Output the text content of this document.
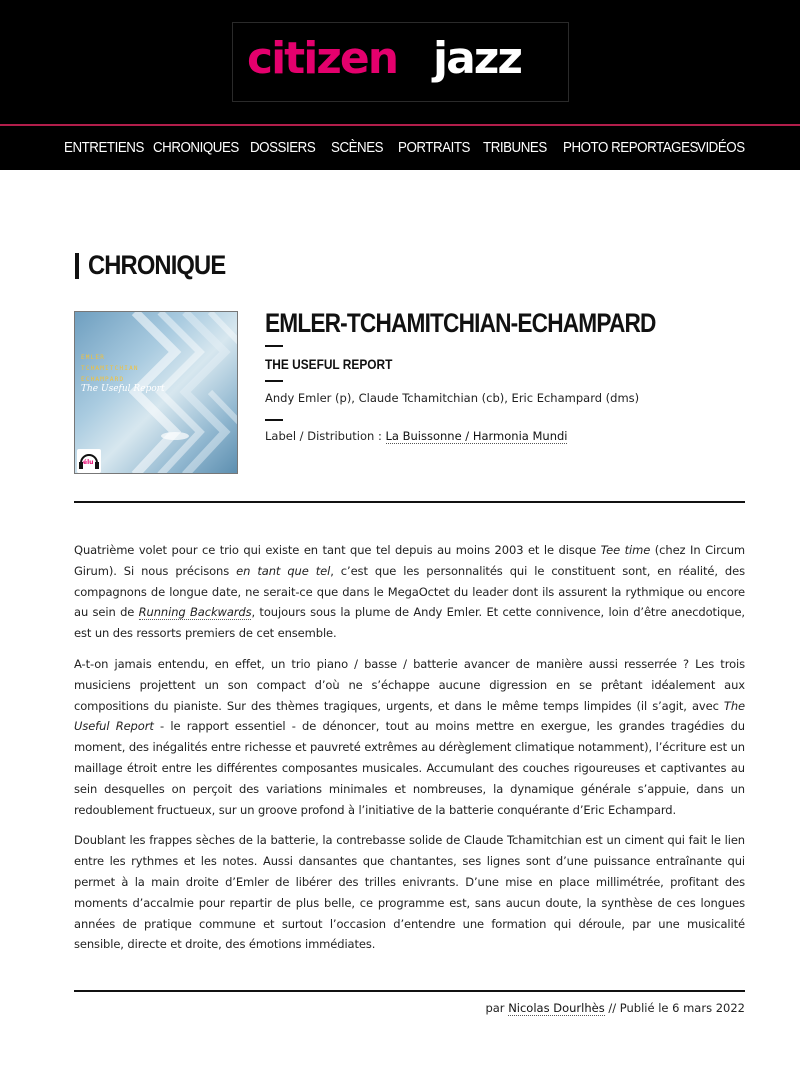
citizen jazz
ENTRETIENS CHRONIQUES DOSSIERS SCÈNES PORTRAITS TRIBUNES PHOTO REPORTAGES VIDÉOS
CHRONIQUE
EMLER
TCHAMITCHIAN
ECHAMPARD
The Useful Report
élu
EMLER-TCHAMITCHIAN-ECHAMPARD
THE USEFUL REPORT
Andy Emler (p), Claude Tchamitchian (cb), Eric Echampard (dms)
Label / Distribution : La Buissonne / Harmonia Mundi

Quatrième volet pour ce trio qui existe en tant que tel depuis au moins 2003 et le disque Tee time (chez In Circum Girum). Si nous précisons en tant que tel, c’est que les personnalités qui le constituent sont, en réalité, des compagnons de longue date, ne serait-ce que dans le MegaOctet du leader dont ils assurent la rythmique ou encore au sein de Running Backwards, toujours sous la plume de Andy Emler. Et cette connivence, loin d’être anecdotique, est un des ressorts premiers de cet ensemble.

A-t-on jamais entendu, en effet, un trio piano / basse / batterie avancer de manière aussi resserrée ? Les trois musiciens projettent un son compact d’où ne s’échappe aucune digression en se prêtant idéalement aux compositions du pianiste. Sur des thèmes tragiques, urgents, et dans le même temps limpides (il s’agit, avec The Useful Report - le rapport essentiel - de dénoncer, tout au moins mettre en exergue, les grandes tragédies du moment, des inégalités entre richesse et pauvreté extrêmes au dérèglement climatique notamment), l’écriture est un maillage étroit entre les différentes composantes musicales. Accumulant des couches rigoureuses et captivantes au sein desquelles on perçoit des variations minimales et nombreuses, la dynamique générale s’appuie, dans un redoublement fructueux, sur un groove profond à l’initiative de la batterie conquérante d’Eric Echampard.

Doublant les frappes sèches de la batterie, la contrebasse solide de Claude Tchamitchian est un ciment qui fait le lien entre les rythmes et les notes. Aussi dansantes que chantantes, ses lignes sont d’une puissance entraînante qui permet à la main droite d’Emler de libérer des trilles enivrants. D’une mise en place millimétrée, profitant des moments d’accalmie pour repartir de plus belle, ce programme est, sans aucun doute, la synthèse de ces longues années de pratique commune et surtout l’occasion d’entendre une formation qui déroule, par une musicalité sensible, directe et droite, des émotions immédiates.

par Nicolas Dourlhès // Publié le 6 mars 2022
